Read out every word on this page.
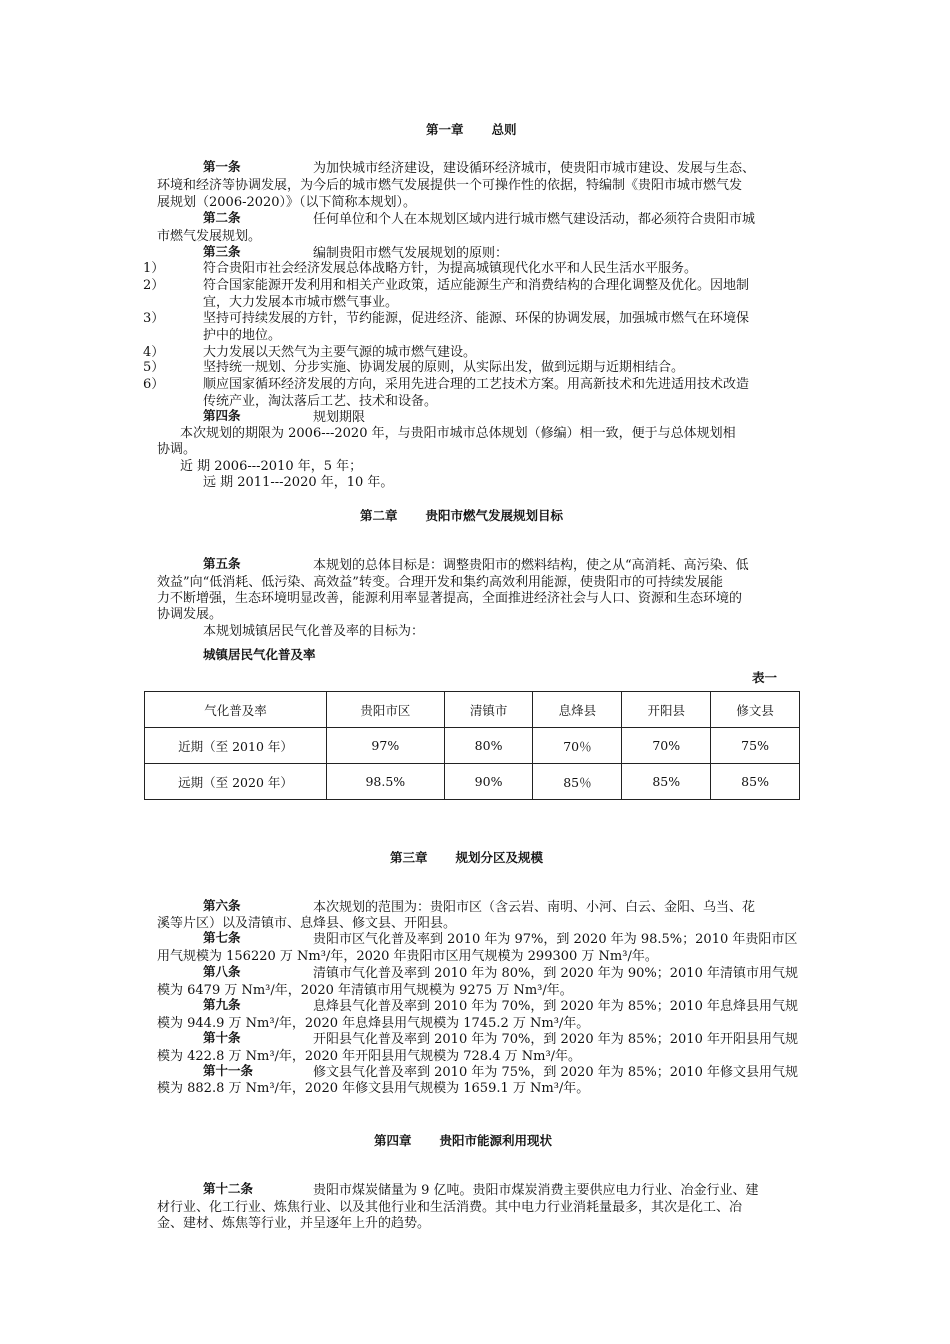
第一章 总则
第一条	为加快城市经济建设，建设循环经济城市，使贵阳市城市建设、发展与生态、
环境和经济等协调发展，为今后的城市燃气发展提供一个可操作性的依据，特编制《贵阳市城市燃气发
展规划（2006-2020）》（以下简称本规划）。
第二条	任何单位和个人在本规划区域内进行城市燃气建设活动，都必须符合贵阳市城
市燃气发展规划。
第三条	编制贵阳市燃气发展规划的原则：
1）	符合贵阳市社会经济发展总体战略方针，为提高城镇现代化水平和人民生活水平服务。
2）	符合国家能源开发利用和相关产业政策，适应能源生产和消费结构的合理化调整及优化。因地制
宜，大力发展本市城市燃气事业。
3）	坚持可持续发展的方针，节约能源，促进经济、能源、环保的协调发展，加强城市燃气在环境保
护中的地位。
4）	大力发展以天然气为主要气源的城市燃气建设。
5）	坚持统一规划、分步实施、协调发展的原则，从实际出发，做到远期与近期相结合。
6）	顺应国家循环经济发展的方向，采用先进合理的工艺技术方案。用高新技术和先进适用技术改造
传统产业，淘汰落后工艺、技术和设备。
第四条	规划期限
本次规划的期限为 2006---2020 年，与贵阳市城市总体规划（修编）相一致，便于与总体规划相
协调。
近 期 2006---2010 年，5 年；
远 期 2011---2020 年，10 年。
第二章 贵阳市燃气发展规划目标
第五条	本规划的总体目标是：调整贵阳市的燃料结构，使之从“高消耗、高污染、低
效益”向“低消耗、低污染、高效益”转变。合理开发和集约高效利用能源，使贵阳市的可持续发展能
力不断增强，生态环境明显改善，能源利用率显著提高，全面推进经济社会与人口、资源和生态环境的
协调发展。
本规划城镇居民气化普及率的目标为：
城镇居民气化普及率
表一
气化普及率	贵阳市区	清镇市	息烽县	开阳县	修文县
近期（至 2010 年）	97%	80%	70％	70%	75%
远期（至 2020 年）	98.5%	90%	85％	85%	85%
第三章 规划分区及规模
第六条	本次规划的范围为：贵阳市区（含云岩、南明、小河、白云、金阳、乌当、花
溪等片区）以及清镇市、息烽县、修文县、开阳县。
第七条	贵阳市区气化普及率到 2010 年为 97%，到 2020 年为 98.5%；2010 年贵阳市区
用气规模为 156220 万 Nm³/年，2020 年贵阳市区用气规模为 299300 万 Nm³/年。
第八条	清镇市气化普及率到 2010 年为 80%，到 2020 年为 90%；2010 年清镇市用气规
模为 6479 万 Nm³/年，2020 年清镇市用气规模为 9275 万 Nm³/年。
第九条	息烽县气化普及率到 2010 年为 70%，到 2020 年为 85%；2010 年息烽县用气规
模为 944.9 万 Nm³/年，2020 年息烽县用气规模为 1745.2 万 Nm³/年。
第十条	开阳县气化普及率到 2010 年为 70%，到 2020 年为 85%；2010 年开阳县用气规
模为 422.8 万 Nm³/年，2020 年开阳县用气规模为 728.4 万 Nm³/年。
第十一条	修文县气化普及率到 2010 年为 75%，到 2020 年为 85%；2010 年修文县用气规
模为 882.8 万 Nm³/年，2020 年修文县用气规模为 1659.1 万 Nm³/年。
第四章 贵阳市能源利用现状
第十二条	贵阳市煤炭储量为 9 亿吨。贵阳市煤炭消费主要供应电力行业、冶金行业、建
材行业、化工行业、炼焦行业、以及其他行业和生活消费。其中电力行业消耗量最多，其次是化工、冶
金、建材、炼焦等行业，并呈逐年上升的趋势。
